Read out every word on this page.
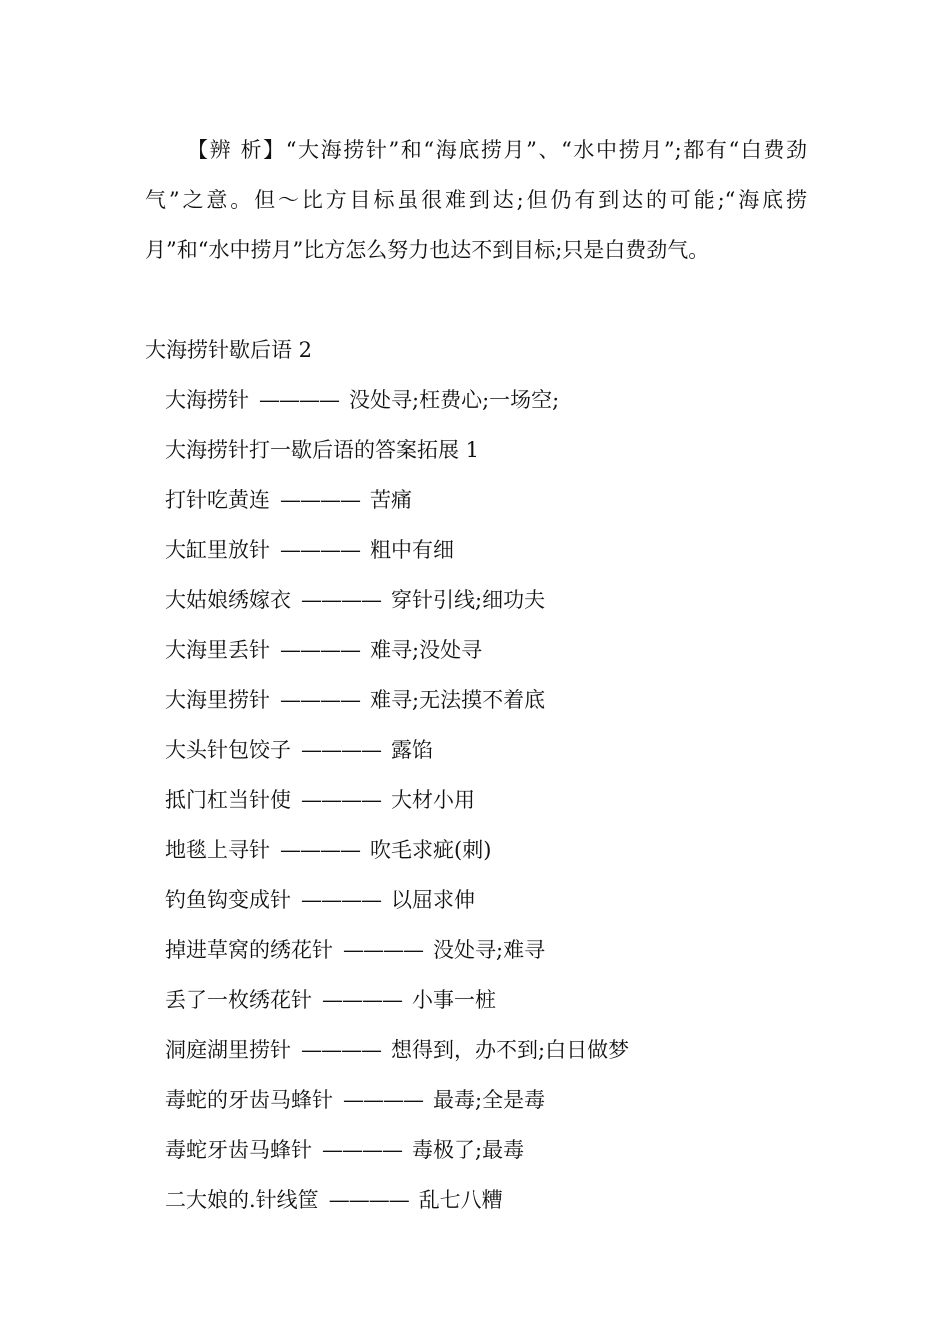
【辨 析】“大海捞针”和“海底捞月”、“水中捞月”;都有“白费劲气”之意。但～比方目标虽很难到达;但仍有到达的可能;“海底捞月”和“水中捞月”比方怎么努力也达不到目标;只是白费劲气。

大海捞针歇后语 2
大海捞针 ———— 没处寻;枉费心;一场空;
大海捞针打一歇后语的答案拓展 1
打针吃黄连 ———— 苦痛
大缸里放针 ———— 粗中有细
大姑娘绣嫁衣 ———— 穿针引线;细功夫
大海里丢针 ———— 难寻;没处寻
大海里捞针 ———— 难寻;无法摸不着底
大头针包饺子 ———— 露馅
抵门杠当针使 ———— 大材小用
地毯上寻针 ———— 吹毛求疵(刺)
钓鱼钩变成针 ———— 以屈求伸
掉进草窝的绣花针 ———— 没处寻;难寻
丢了一枚绣花针 ———— 小事一桩
洞庭湖里捞针 ———— 想得到，办不到;白日做梦
毒蛇的牙齿马蜂针 ———— 最毒;全是毒
毒蛇牙齿马蜂针 ———— 毒极了;最毒
二大娘的.针线筐 ———— 乱七八糟
